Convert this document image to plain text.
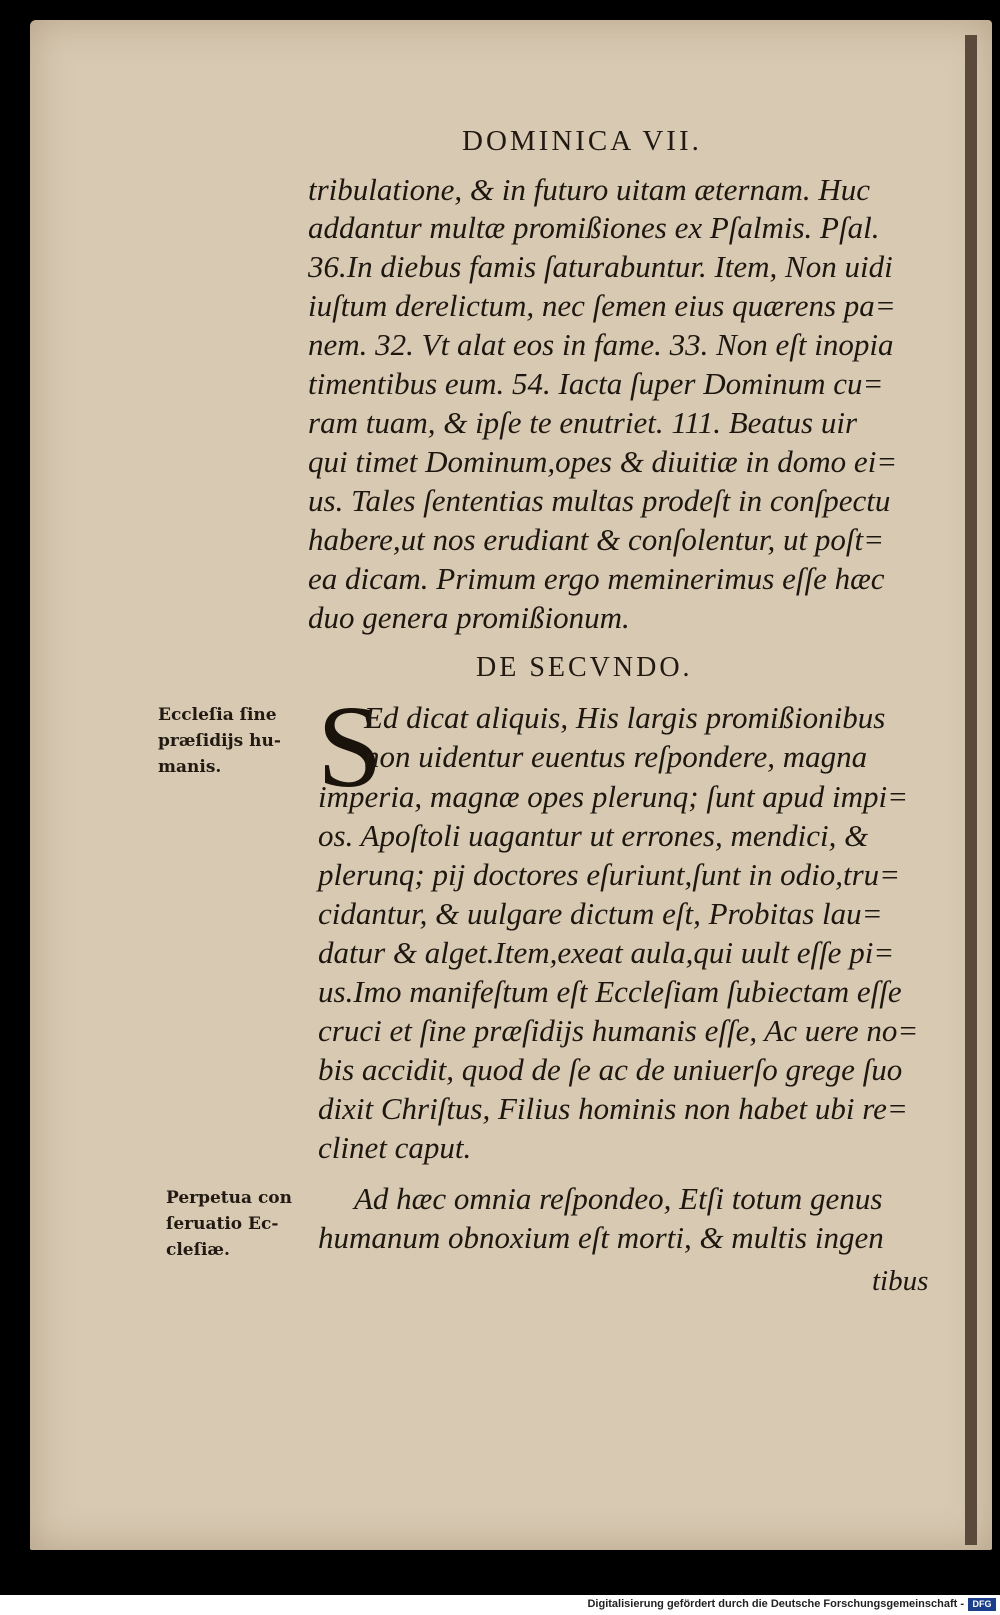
DOMINICA VII.
tribulatione, & in futuro uitam æternam. Huc
addantur multæ promißiones ex Pſalmis. Pſal.
36.In diebus famis ſaturabuntur. Item, Non uidi
iuſtum derelictum, nec ſemen eius quærens pa=
nem. 32. Vt alat eos in fame. 33. Non eſt inopia
timentibus eum. 54. Iacta ſuper Dominum cu=
ram tuam, & ipſe te enutriet. 111. Beatus uir
qui timet Dominum,opes & diuitiæ in domo ei=
us. Tales ſententias multas prodeſt in conſpectu
habere,ut nos erudiant & conſolentur, ut poſt=
ea dicam. Primum ergo meminerimus eſſe hæc
duo genera promißionum.
DE SECVNDO.
S
Ed dicat aliquis, His largis promißionibus
non uidentur euentus reſpondere, magna
imperia, magnæ opes plerunq; ſunt apud impi=
os. Apoſtoli uagantur ut errones, mendici, &
plerunq; pij doctores eſuriunt,ſunt in odio,tru=
cidantur, & uulgare dictum eſt, Probitas lau=
datur & alget.Item,exeat aula,qui uult eſſe pi=
us.Imo manifeſtum eſt Eccleſiam ſubiectam eſſe
cruci et ſine præſidijs humanis eſſe, Ac uere no=
bis accidit, quod de ſe ac de uniuerſo grege ſuo
dixit Chriſtus, Filius hominis non habet ubi re=
clinet caput.
Ad hæc omnia reſpondeo, Etſi totum genus
humanum obnoxium eſt morti, & multis ingen
tibus
Eccleſia ſine
præſidijs hu-
manis.
Perpetua con
ſeruatio Ec-
cleſiæ.
Digitalisierung gefördert durch die Deutsche Forschungsgemeinschaft - DFG
